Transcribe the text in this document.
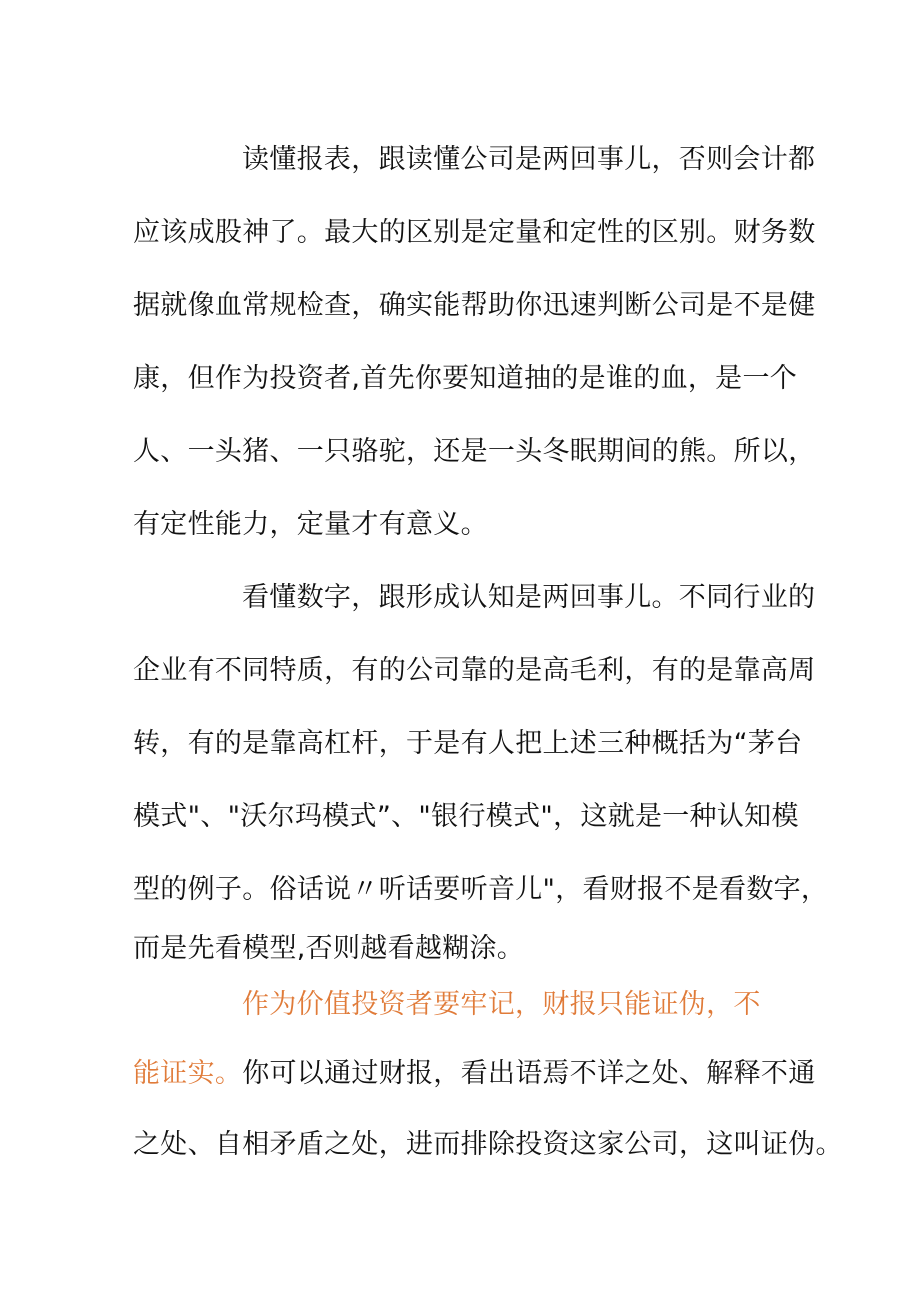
读懂报表，跟读懂公司是两回事儿，否则会计都
应该成股神了。最大的区别是定量和定性的区别。财务数
据就像血常规检查，确实能帮助你迅速判断公司是不是健
康，但作为投资者,首先你要知道抽的是谁的血，是一个
人、一头猪、一只骆驼，还是一头冬眠期间的熊。所以，
有定性能力，定量才有意义。
看懂数字，跟形成认知是两回事儿。不同行业的
企业有不同特质，有的公司靠的是高毛利，有的是靠高周
转，有的是靠高杠杆，于是有人把上述三种概括为“茅台
模式"、"沃尔玛模式”、"银行模式"，这就是一种认知模
型的例子。俗话说〃听话要听音儿"，看财报不是看数字，
而是先看模型,否则越看越糊涂。
作为价值投资者要牢记，财报只能证伪，不
能证实。你可以通过财报，看出语焉不详之处、解释不通
之处、自相矛盾之处，进而排除投资这家公司，这叫证伪。
